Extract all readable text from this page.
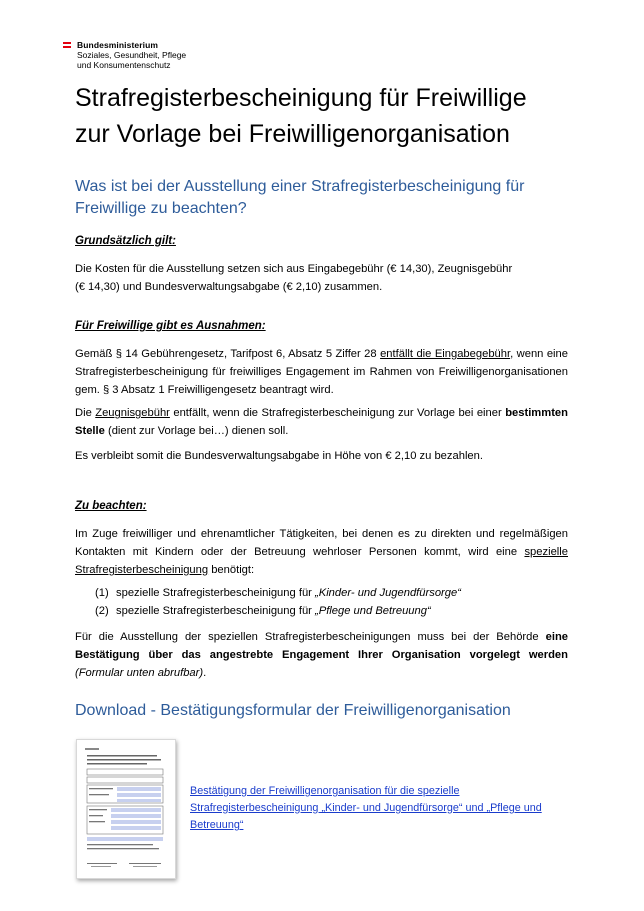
Bundesministerium
Soziales, Gesundheit, Pflege
und Konsumentenschutz
Strafregisterbescheinigung für Freiwillige
zur Vorlage bei Freiwilligenorganisation
Was ist bei der Ausstellung einer Strafregisterbescheinigung für
Freiwillige zu beachten?
Grundsätzlich gilt:
Die Kosten für die Ausstellung setzen sich aus Eingabegebühr (€ 14,30), Zeugnisgebühr
(€ 14,30) und Bundesverwaltungsabgabe (€ 2,10) zusammen.
Für Freiwillige gibt es Ausnahmen:

Gemäß § 14 Gebührengesetz, Tarifpost 6, Absatz 5 Ziffer 28 entfällt die Eingabegebühr, wenn eine Strafregisterbescheinigung für freiwilliges Engagement im Rahmen von Freiwilligenorganisationen gem. § 3 Absatz 1 Freiwilligengesetz beantragt wird.

Die Zeugnisgebühr entfällt, wenn die Strafregisterbescheinigung zur Vorlage bei einer bestimmten Stelle (dient zur Vorlage bei…) dienen soll.

Es verbleibt somit die Bundesverwaltungsabgabe in Höhe von € 2,10 zu bezahlen.

Zu beachten:

Im Zuge freiwilliger und ehrenamtlicher Tätigkeiten, bei denen es zu direkten und regelmäßigen Kontakten mit Kindern oder der Betreuung wehrloser Personen kommt, wird eine spezielle Strafregisterbescheinigung benötigt:

(1) spezielle Strafregisterbescheinigung für „Kinder- und Jugendfürsorge“
(2) spezielle Strafregisterbescheinigung für „Pflege und Betreuung“

Für die Ausstellung der speziellen Strafregisterbescheinigungen muss bei der Behörde eine Bestätigung über das angestrebte Engagement Ihrer Organisation vorgelegt werden (Formular unten abrufbar).

Download - Bestätigungsformular der Freiwilligenorganisation
Bestätigung der Freiwilligenorganisation für die spezielle
Strafregisterbescheinigung „Kinder- und Jugendfürsorge“ und „Pflege und
Betreuung“
